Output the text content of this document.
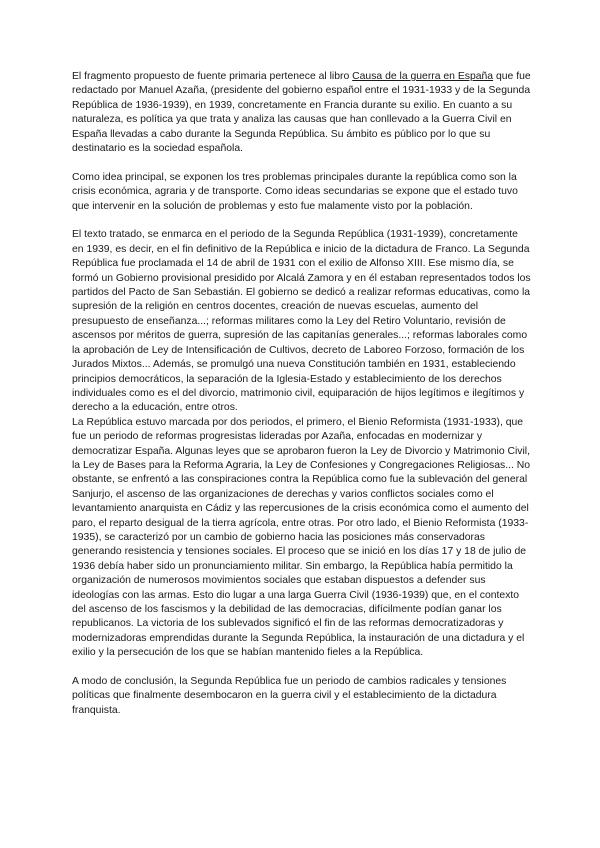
El fragmento propuesto de fuente primaria pertenece al libro Causa de la guerra en España que fue redactado por Manuel Azaña, (presidente del gobierno español entre el 1931-1933 y de la Segunda República de 1936-1939), en 1939, concretamente en Francia durante su exilio. En cuanto a su naturaleza, es política ya que trata y analiza las causas que han conllevado a la Guerra Civil en España llevadas a cabo durante la Segunda República. Su ámbito es público por lo que su destinatario es la sociedad española.

Como idea principal, se exponen los tres problemas principales durante la república como son la crisis económica, agraria y de transporte. Como ideas secundarias se expone que el estado tuvo que intervenir en la solución de problemas y esto fue malamente visto por la población.

El texto tratado, se enmarca en el periodo de la Segunda República (1931-1939), concretamente en 1939, es decir, en el fin definitivo de la República e inicio de la dictadura de Franco. La Segunda República fue proclamada el 14 de abril de 1931 con el exilio de Alfonso XIII. Ese mismo día, se formó un Gobierno provisional presidido por Alcalá Zamora y en él estaban representados todos los partidos del Pacto de San Sebastián. El gobierno se dedicó a realizar reformas educativas, como la supresión de la religión en centros docentes, creación de nuevas escuelas, aumento del presupuesto de enseñanza...; reformas militares como la Ley del Retiro Voluntario, revisión de ascensos por méritos de guerra, supresión de las capitanías generales...; reformas laborales como la aprobación de Ley de Intensificación de Cultivos, decreto de Laboreo Forzoso, formación de los Jurados Mixtos... Además, se promulgó una nueva Constitución también en 1931, estableciendo principios democráticos, la separación de la Iglesia-Estado y establecimiento de los derechos individuales como es el del divorcio, matrimonio civil, equiparación de hijos legítimos e ilegítimos y derecho a la educación, entre otros.

La República estuvo marcada por dos periodos, el primero, el Bienio Reformista (1931-1933), que fue un periodo de reformas progresistas lideradas por Azaña, enfocadas en modernizar y democratizar España. Algunas leyes que se aprobaron fueron la Ley de Divorcio y Matrimonio Civil, la Ley de Bases para la Reforma Agraria, la Ley de Confesiones y Congregaciones Religiosas... No obstante, se enfrentó a las conspiraciones contra la República como fue la sublevación del general Sanjurjo, el ascenso de las organizaciones de derechas y varios conflictos sociales como el levantamiento anarquista en Cádiz y las repercusiones de la crisis económica como el aumento del paro, el reparto desigual de la tierra agrícola, entre otras. Por otro lado, el Bienio Reformista (1933-1935), se caracterizó por un cambio de gobierno hacia las posiciones más conservadoras generando resistencia y tensiones sociales. El proceso que se inició en los días 17 y 18 de julio de 1936 debía haber sido un pronunciamiento militar. Sin embargo, la República había permitido la organización de numerosos movimientos sociales que estaban dispuestos a defender sus ideologías con las armas. Esto dio lugar a una larga Guerra Civil (1936-1939) que, en el contexto del ascenso de los fascismos y la debilidad de las democracias, difícilmente podían ganar los republicanos. La victoria de los sublevados significó el fin de las reformas democratizadoras y modernizadoras emprendidas durante la Segunda República, la instauración de una dictadura y el exilio y la persecución de los que se habían mantenido fieles a la República.

A modo de conclusión, la Segunda República fue un periodo de cambios radicales y tensiones políticas que finalmente desembocaron en la guerra civil y el establecimiento de la dictadura franquista.
